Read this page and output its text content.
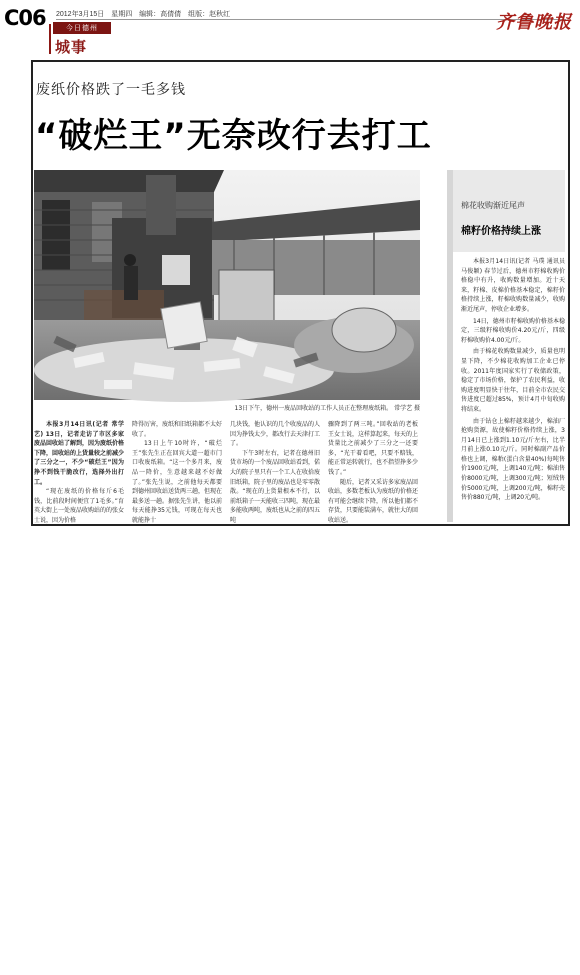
C06 2012年3月15日 星期四 编辑：高倩倩 组版：赵秋红
今日德州
城事
齐鲁晚报
废纸价格跌了一毛多钱
“破烂王”无奈改行去打工
13日下午，德州一废品回收站的工作人员正在整理废纸箱。 常学艺 摄

本报3月14日讯(记者 常学艺) 13日，记者走访了市区多家废品回收站了解到，因为废纸价格下降，回收站的上货量较之前减少了三分之一，不少“破烂王”因为挣不到钱干脆改行，选择外出打工。

“现在废纸的价格每斤6毛钱，比前段时间便宜了1毛多。”育英大街上一处废品收购站的的张女士说，因为价格

降得厉害，废纸和旧纸箱都不太好收了。

13日上午10时许，“破烂王”张先生正在回宾大道一超市门口收废纸箱。“这一个多月来，废品一降价，生意越来越不好做了。”张先生说，之前他每天都要到德州回收站送货两三趟，但现在最多送一趟。据张先生讲，他以前每天能挣35元钱，可现在每天也就能挣十

几块钱，他认识的几个收废品的人因为挣钱太少，都改行去天津打工了。

下午3时左右，记者在德州旧货市场的一个废品回收站看到，偌大的院子里只有一个工人在收拾废旧纸箱，院子里的废品也是零零散散。“现在的上货量根本不行，以前纸箱子一天能收三四吨，现在最多能收两吨，废纸也从之前的四五吨

骤降到了两三吨。”回收站的老板王女士说，这样算起来，每天的上货量比之前减少了三分之一还要多，“光干着看吧，只要不赔钱，能正常运转就行，也不指望挣多少钱了。”

随后，记者又采访多家废品回收站，多数老板认为废纸的价格还有可能会继续下降，所以他们都不存货，只要能装满车，就往大的回收站送。

棉花收购渐近尾声
棉籽价格持续上涨

本报3月14日讯(记者 马璞 通讯员 马俊颖) 春节过后，德州市籽棉收购价格稳中有升，收购数量增加。近十天来，籽棉、皮棉价格基本稳定，棉籽价格持续上涨，籽棉收购数量减少，收购渐近尾声，停收企业增多。

14日，德州市籽棉收购价格基本稳定，三级籽棉收购价4.20元/斤，四级籽棉收购价4.00元/斤。

由于棉花收购数量减少，质量也明显下降，不少棉花收购加工企业已停收。2011年度国家实行了收储政策，稳定了市场价格，保护了农民利益，收购进度明显快于往年，目前全市农民交售进度已超过85%，预计4月中旬收购将结束。

由于钻仓上棉籽越来越少，棉油厂抢购货源，故使棉籽价格持续上涨，3月14日已上涨到1.10元/斤左右，比半月前上涨0.10元/斤。同时棉副产品价格也上调，棉粕(蛋白含量40%)每吨售价1900元/吨，上调140元/吨；棉油售价8000元/吨，上调300元/吨；短绒售价5000元/吨，上调200元/吨，棉籽壳售价880元/吨，上调20元/吨。
